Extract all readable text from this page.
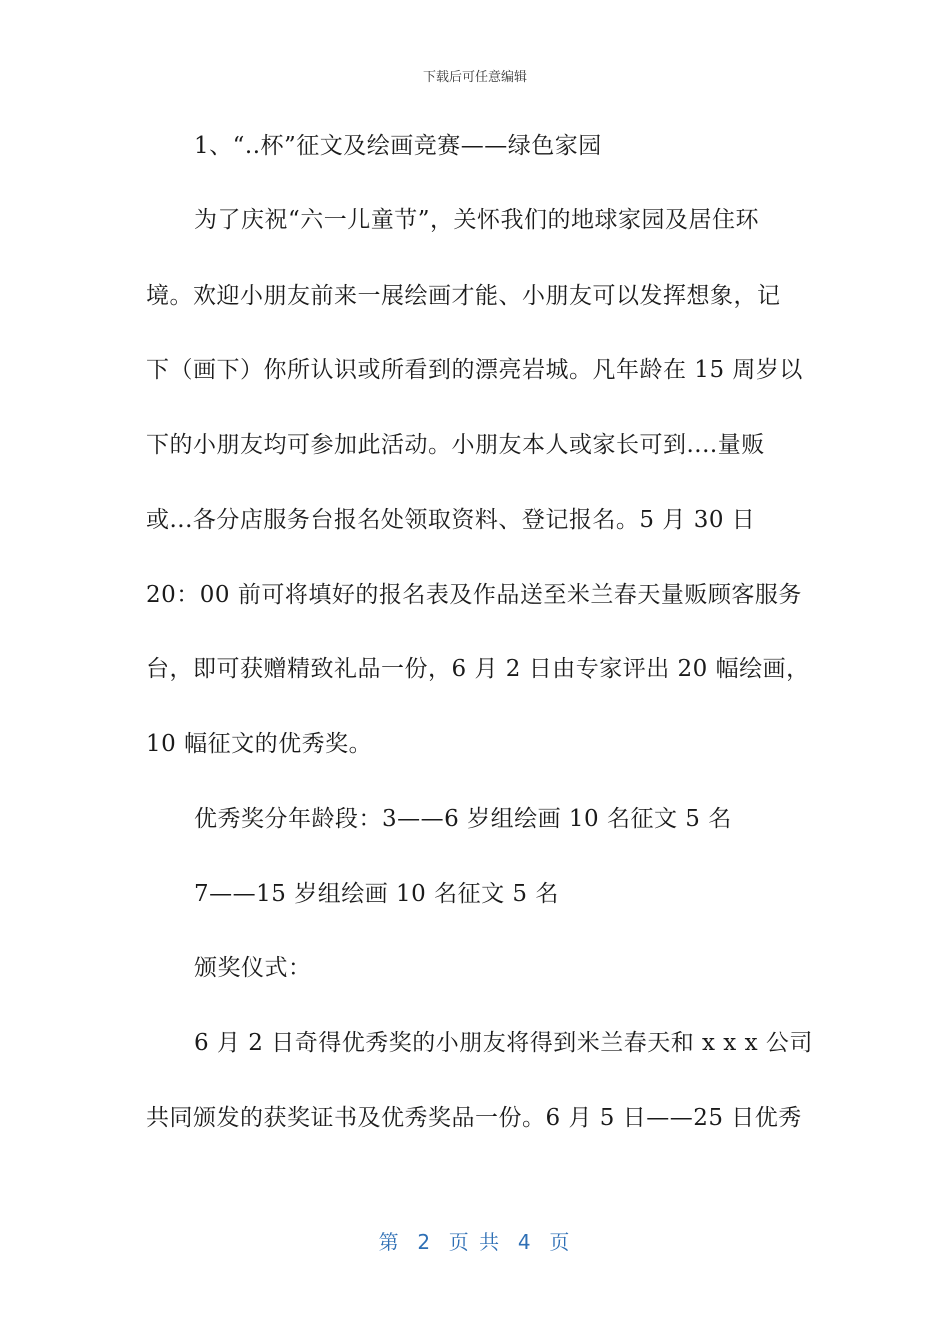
下载后可任意编辑
1、“..杯”征文及绘画竞赛——绿色家园
为了庆祝“六一儿童节”，关怀我们的地球家园及居住环
境。欢迎小朋友前来一展绘画才能、小朋友可以发挥想象，记
下（画下）你所认识或所看到的漂亮岩城。凡年龄在 15 周岁以
下的小朋友均可参加此活动。小朋友本人或家长可到....量贩
或...各分店服务台报名处领取资料、登记报名。5 月 30 日
20：00 前可将填好的报名表及作品送至米兰春天量贩顾客服务
台，即可获赠精致礼品一份，6 月 2 日由专家评出 20 幅绘画，
10 幅征文的优秀奖。
优秀奖分年龄段：3——6 岁组绘画 10 名征文 5 名
7——15 岁组绘画 10 名征文 5 名
颁奖仪式：
6 月 2 日奇得优秀奖的小朋友将得到米兰春天和 x x x 公司
共同颁发的获奖证书及优秀奖品一份。6 月 5 日——25 日优秀
第  2  页 共  4  页
